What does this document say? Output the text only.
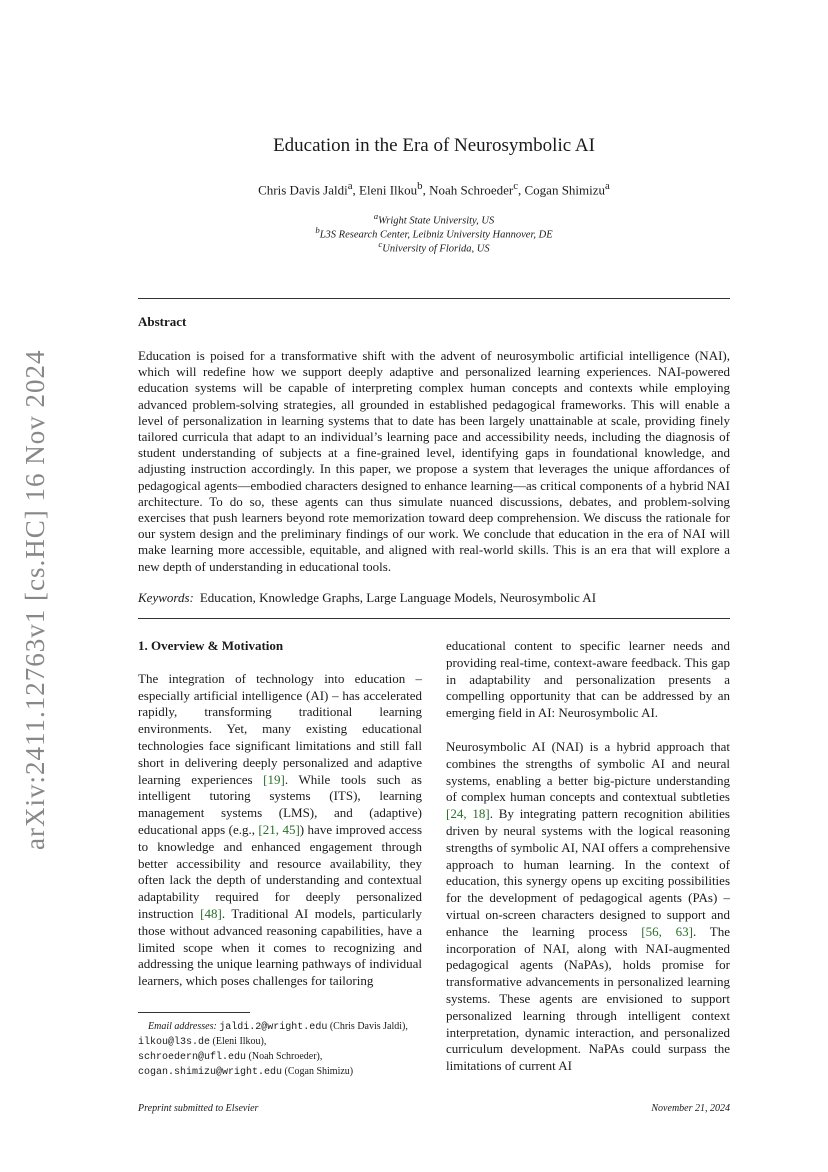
arXiv:2411.12763v1 [cs.HC] 16 Nov 2024
Education in the Era of Neurosymbolic AI
Chris Davis Jaldi$^a$, Eleni Ilkou$^b$, Noah Schroeder$^c$, Cogan Shimizu$^a$
$^a$Wright State University, US
$^b$L3S Research Center, Leibniz University Hannover, DE
$^c$University of Florida, US
Abstract
Education is poised for a transformative shift with the advent of neurosymbolic artificial intelligence (NAI), which will redefine how we support deeply adaptive and personalized learning experiences. NAI-powered education systems will be capable of interpreting complex human concepts and contexts while employing advanced problem-solving strategies, all grounded in established pedagogical frameworks. This will enable a level of personalization in learning systems that to date has been largely unattainable at scale, providing finely tailored curricula that adapt to an individual’s learning pace and accessibility needs, including the diagnosis of student understanding of subjects at a fine-grained level, identifying gaps in foundational knowledge, and adjusting instruction accordingly. In this paper, we propose a system that leverages the unique affordances of pedagogical agents—embodied characters designed to enhance learning—as critical components of a hybrid NAI architecture. To do so, these agents can thus simulate nuanced discussions, debates, and problem-solving exercises that push learners beyond rote memorization toward deep comprehension. We discuss the rationale for our system design and the preliminary findings of our work. We conclude that education in the era of NAI will make learning more accessible, equitable, and aligned with real-world skills. This is an era that will explore a new depth of understanding in educational tools.
Keywords: Education, Knowledge Graphs, Large Language Models, Neurosymbolic AI
1. Overview & Motivation

The integration of technology into education – especially artificial intelligence (AI) – has accelerated rapidly, transforming traditional learning environments. Yet, many existing educational technologies face significant limitations and still fall short in delivering deeply personalized and adaptive learning experiences [19]. While tools such as intelligent tutoring systems (ITS), learning management systems (LMS), and (adaptive) educational apps (e.g., [21, 45]) have improved access to knowledge and enhanced engagement through better accessibility and resource availability, they often lack the depth of understanding and contextual adaptability required for deeply personalized instruction [48]. Traditional AI models, particularly those without advanced reasoning capabilities, have a limited scope when it comes to recognizing and addressing the unique learning pathways of individual learners, which poses challenges for tailoring

educational content to specific learner needs and providing real-time, context-aware feedback. This gap in adaptability and personalization presents a compelling opportunity that can be addressed by an emerging field in AI: Neurosymbolic AI.

Neurosymbolic AI (NAI) is a hybrid approach that combines the strengths of symbolic AI and neural systems, enabling a better big-picture understanding of complex human concepts and contextual subtleties [24, 18]. By integrating pattern recognition abilities driven by neural systems with the logical reasoning strengths of symbolic AI, NAI offers a comprehensive approach to human learning. In the context of education, this synergy opens up exciting possibilities for the development of pedagogical agents (PAs) – virtual on-screen characters designed to support and enhance the learning process [56, 63]. The incorporation of NAI, along with NAI-augmented pedagogical agents (NaPAs), holds promise for transformative advancements in personalized learning systems. These agents are envisioned to support personalized learning through intelligent context interpretation, dynamic interaction, and personalized curriculum development. NaPAs could surpass the limitations of current AI

Email addresses: jaldi.2@wright.edu (Chris Davis Jaldi), ilkou@l3s.de (Eleni Ilkou),
schroedern@ufl.edu (Noah Schroeder),
cogan.shimizu@wright.edu (Cogan Shimizu)
Preprint submitted to Elsevier	November 21, 2024
